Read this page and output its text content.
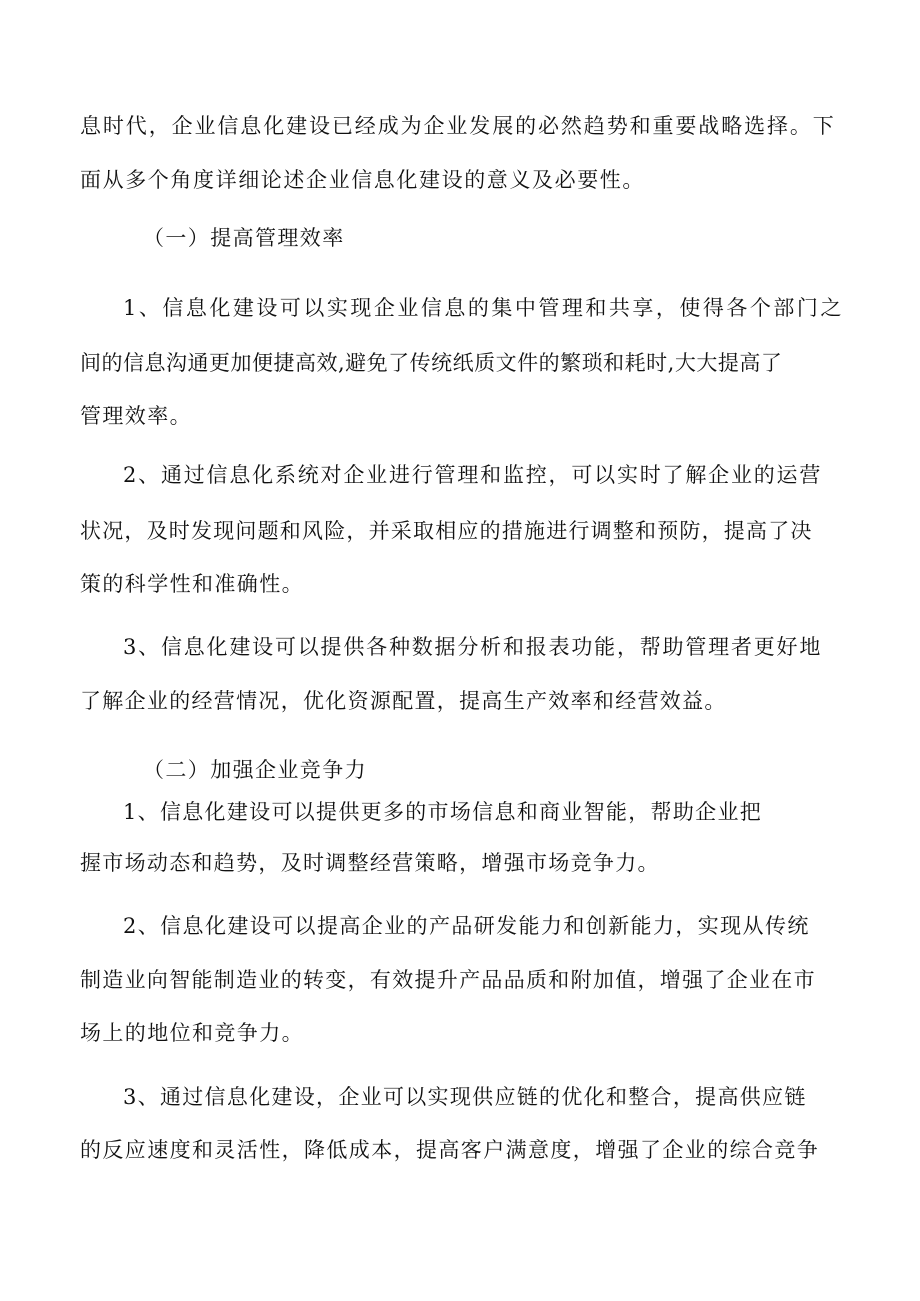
息时代，企业信息化建设已经成为企业发展的必然趋势和重要战略选择。下

面从多个角度详细论述企业信息化建设的意义及必要性。

（一）提高管理效率

1、信息化建设可以实现企业信息的集中管理和共享，使得各个部门之

间的信息沟通更加便捷高效,避免了传统纸质文件的繁琐和耗时,大大提高了

管理效率。

2、通过信息化系统对企业进行管理和监控，可以实时了解企业的运营

状况，及时发现问题和风险，并采取相应的措施进行调整和预防，提高了决

策的科学性和准确性。

3、信息化建设可以提供各种数据分析和报表功能，帮助管理者更好地

了解企业的经营情况，优化资源配置，提高生产效率和经营效益。

（二）加强企业竞争力

1、信息化建设可以提供更多的市场信息和商业智能，帮助企业把

握市场动态和趋势，及时调整经营策略，增强市场竞争力。

2、信息化建设可以提高企业的产品研发能力和创新能力，实现从传统

制造业向智能制造业的转变，有效提升产品品质和附加值，增强了企业在市

场上的地位和竞争力。

3、通过信息化建设，企业可以实现供应链的优化和整合，提高供应链

的反应速度和灵活性，降低成本，提高客户满意度，增强了企业的综合竞争
